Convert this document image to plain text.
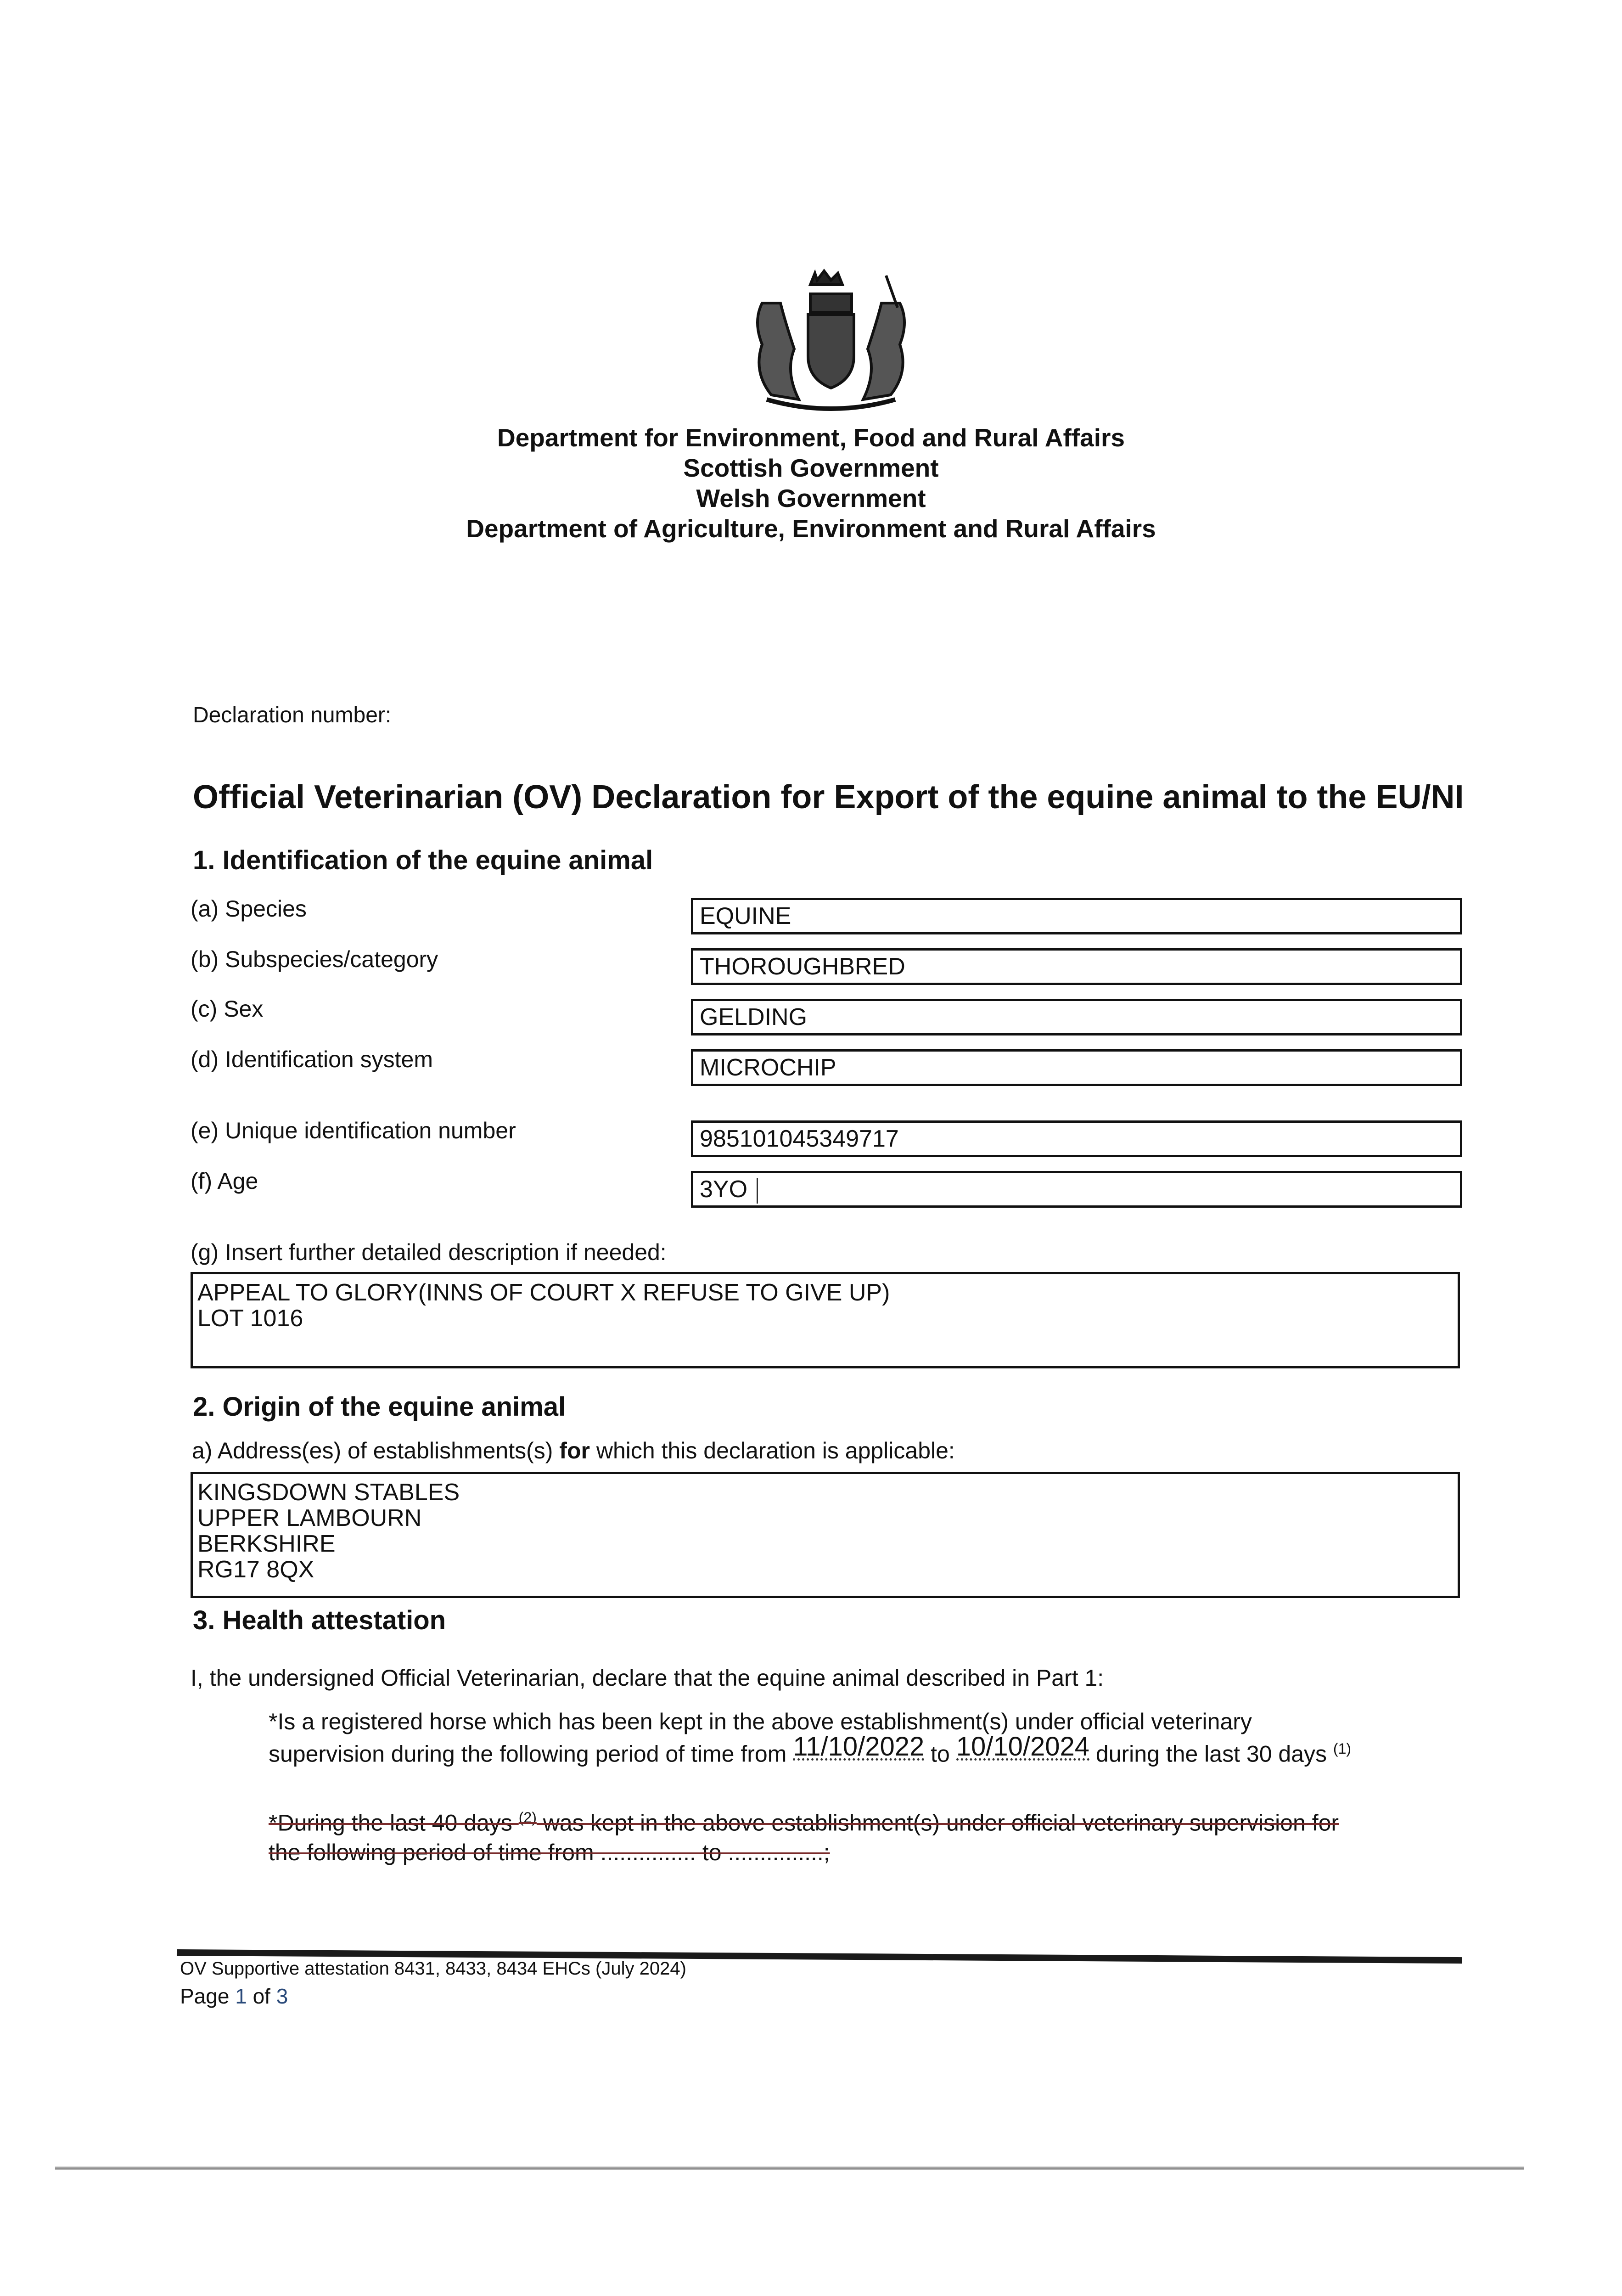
Department for Environment, Food and Rural Affairs
Scottish Government
Welsh Government
Department of Agriculture, Environment and Rural Affairs
Declaration number:
Official Veterinarian (OV) Declaration for Export of the equine animal to the EU/NI
1. Identification of the equine animal
(a) Species	EQUINE
(b) Subspecies/category	THOROUGHBRED
(c) Sex	GELDING
(d) Identification system	MICROCHIP
(e) Unique identification number	985101045349717
(f) Age	3YO
(g) Insert further detailed description if needed:
APPEAL TO GLORY(INNS OF COURT X REFUSE TO GIVE UP)
LOT 1016
2. Origin of the equine animal
a) Address(es) of establishments(s) for which this declaration is applicable:
KINGSDOWN STABLES
UPPER LAMBOURN
BERKSHIRE
RG17 8QX
3. Health attestation
I, the undersigned Official Veterinarian, declare that the equine animal described in Part 1:
*Is a registered horse which has been kept in the above establishment(s) under official veterinary
supervision during the following period of time from 11/10/2022 to 10/10/2024 during the last 30 days $^{(1)}$
*During the last 40 days $^{(2)}$ was kept in the above establishment(s) under official veterinary supervision for
the following period of time from ............... to ...............;
OV Supportive attestation 8431, 8433, 8434 EHCs (July 2024)
Page 1 of 3
